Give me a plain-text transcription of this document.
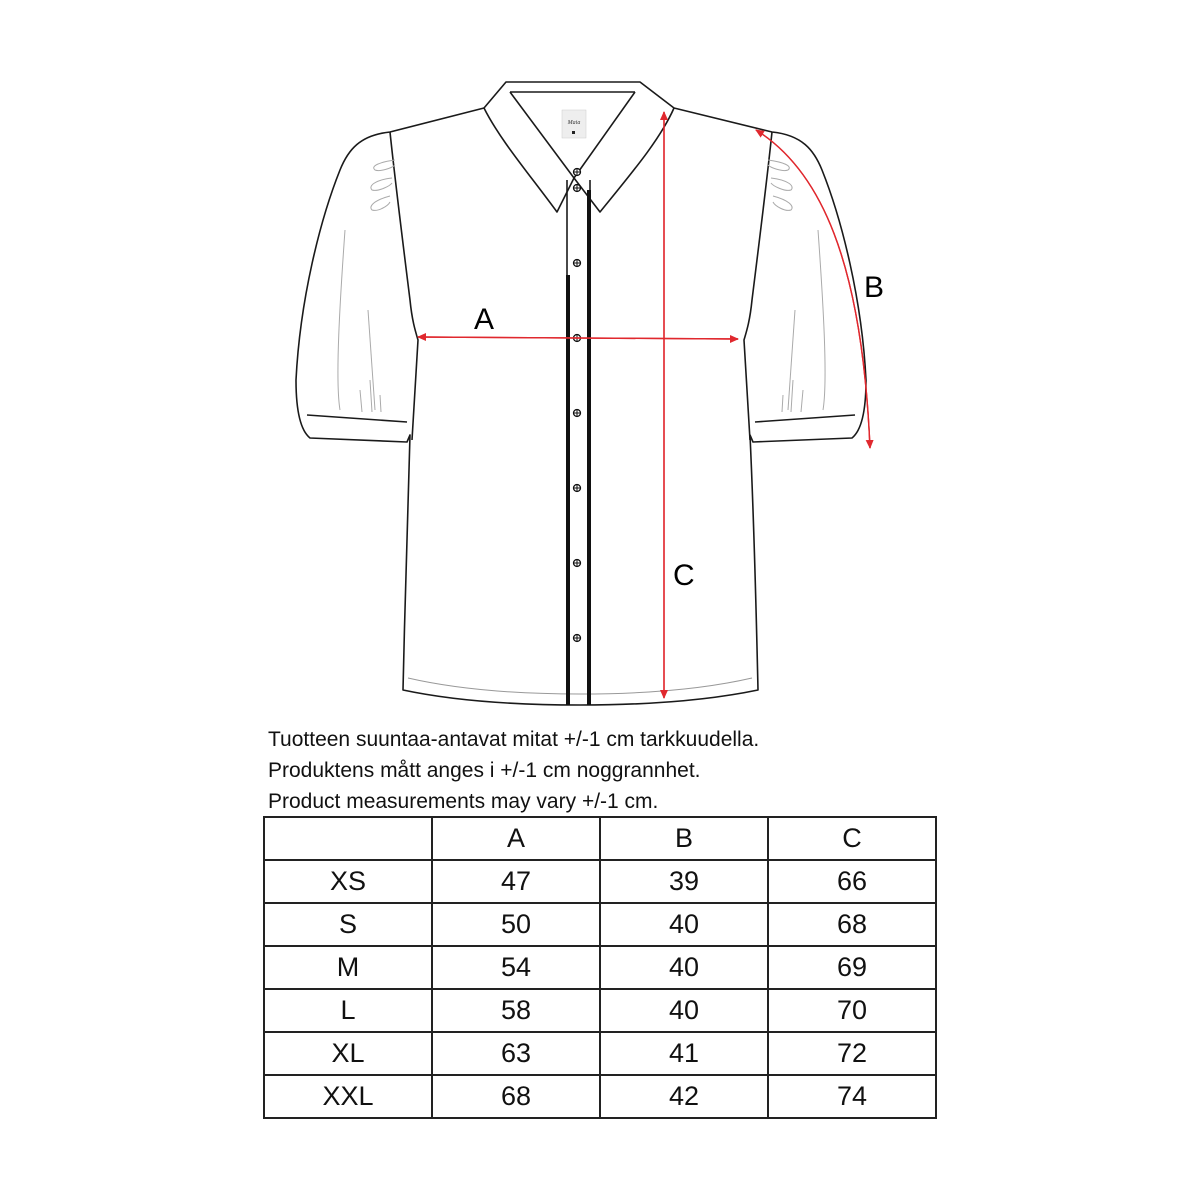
Maia
A
B
C
Tuotteen suuntaa-antavat mitat +/-1 cm tarkkuudella.
Produktens mått anges i +/-1 cm noggrannhet.
Product measurements may vary +/-1 cm.
	A	B	C
XS	47	39	66
S	50	40	68
M	54	40	69
L	58	40	70
XL	63	41	72
XXL	68	42	74
